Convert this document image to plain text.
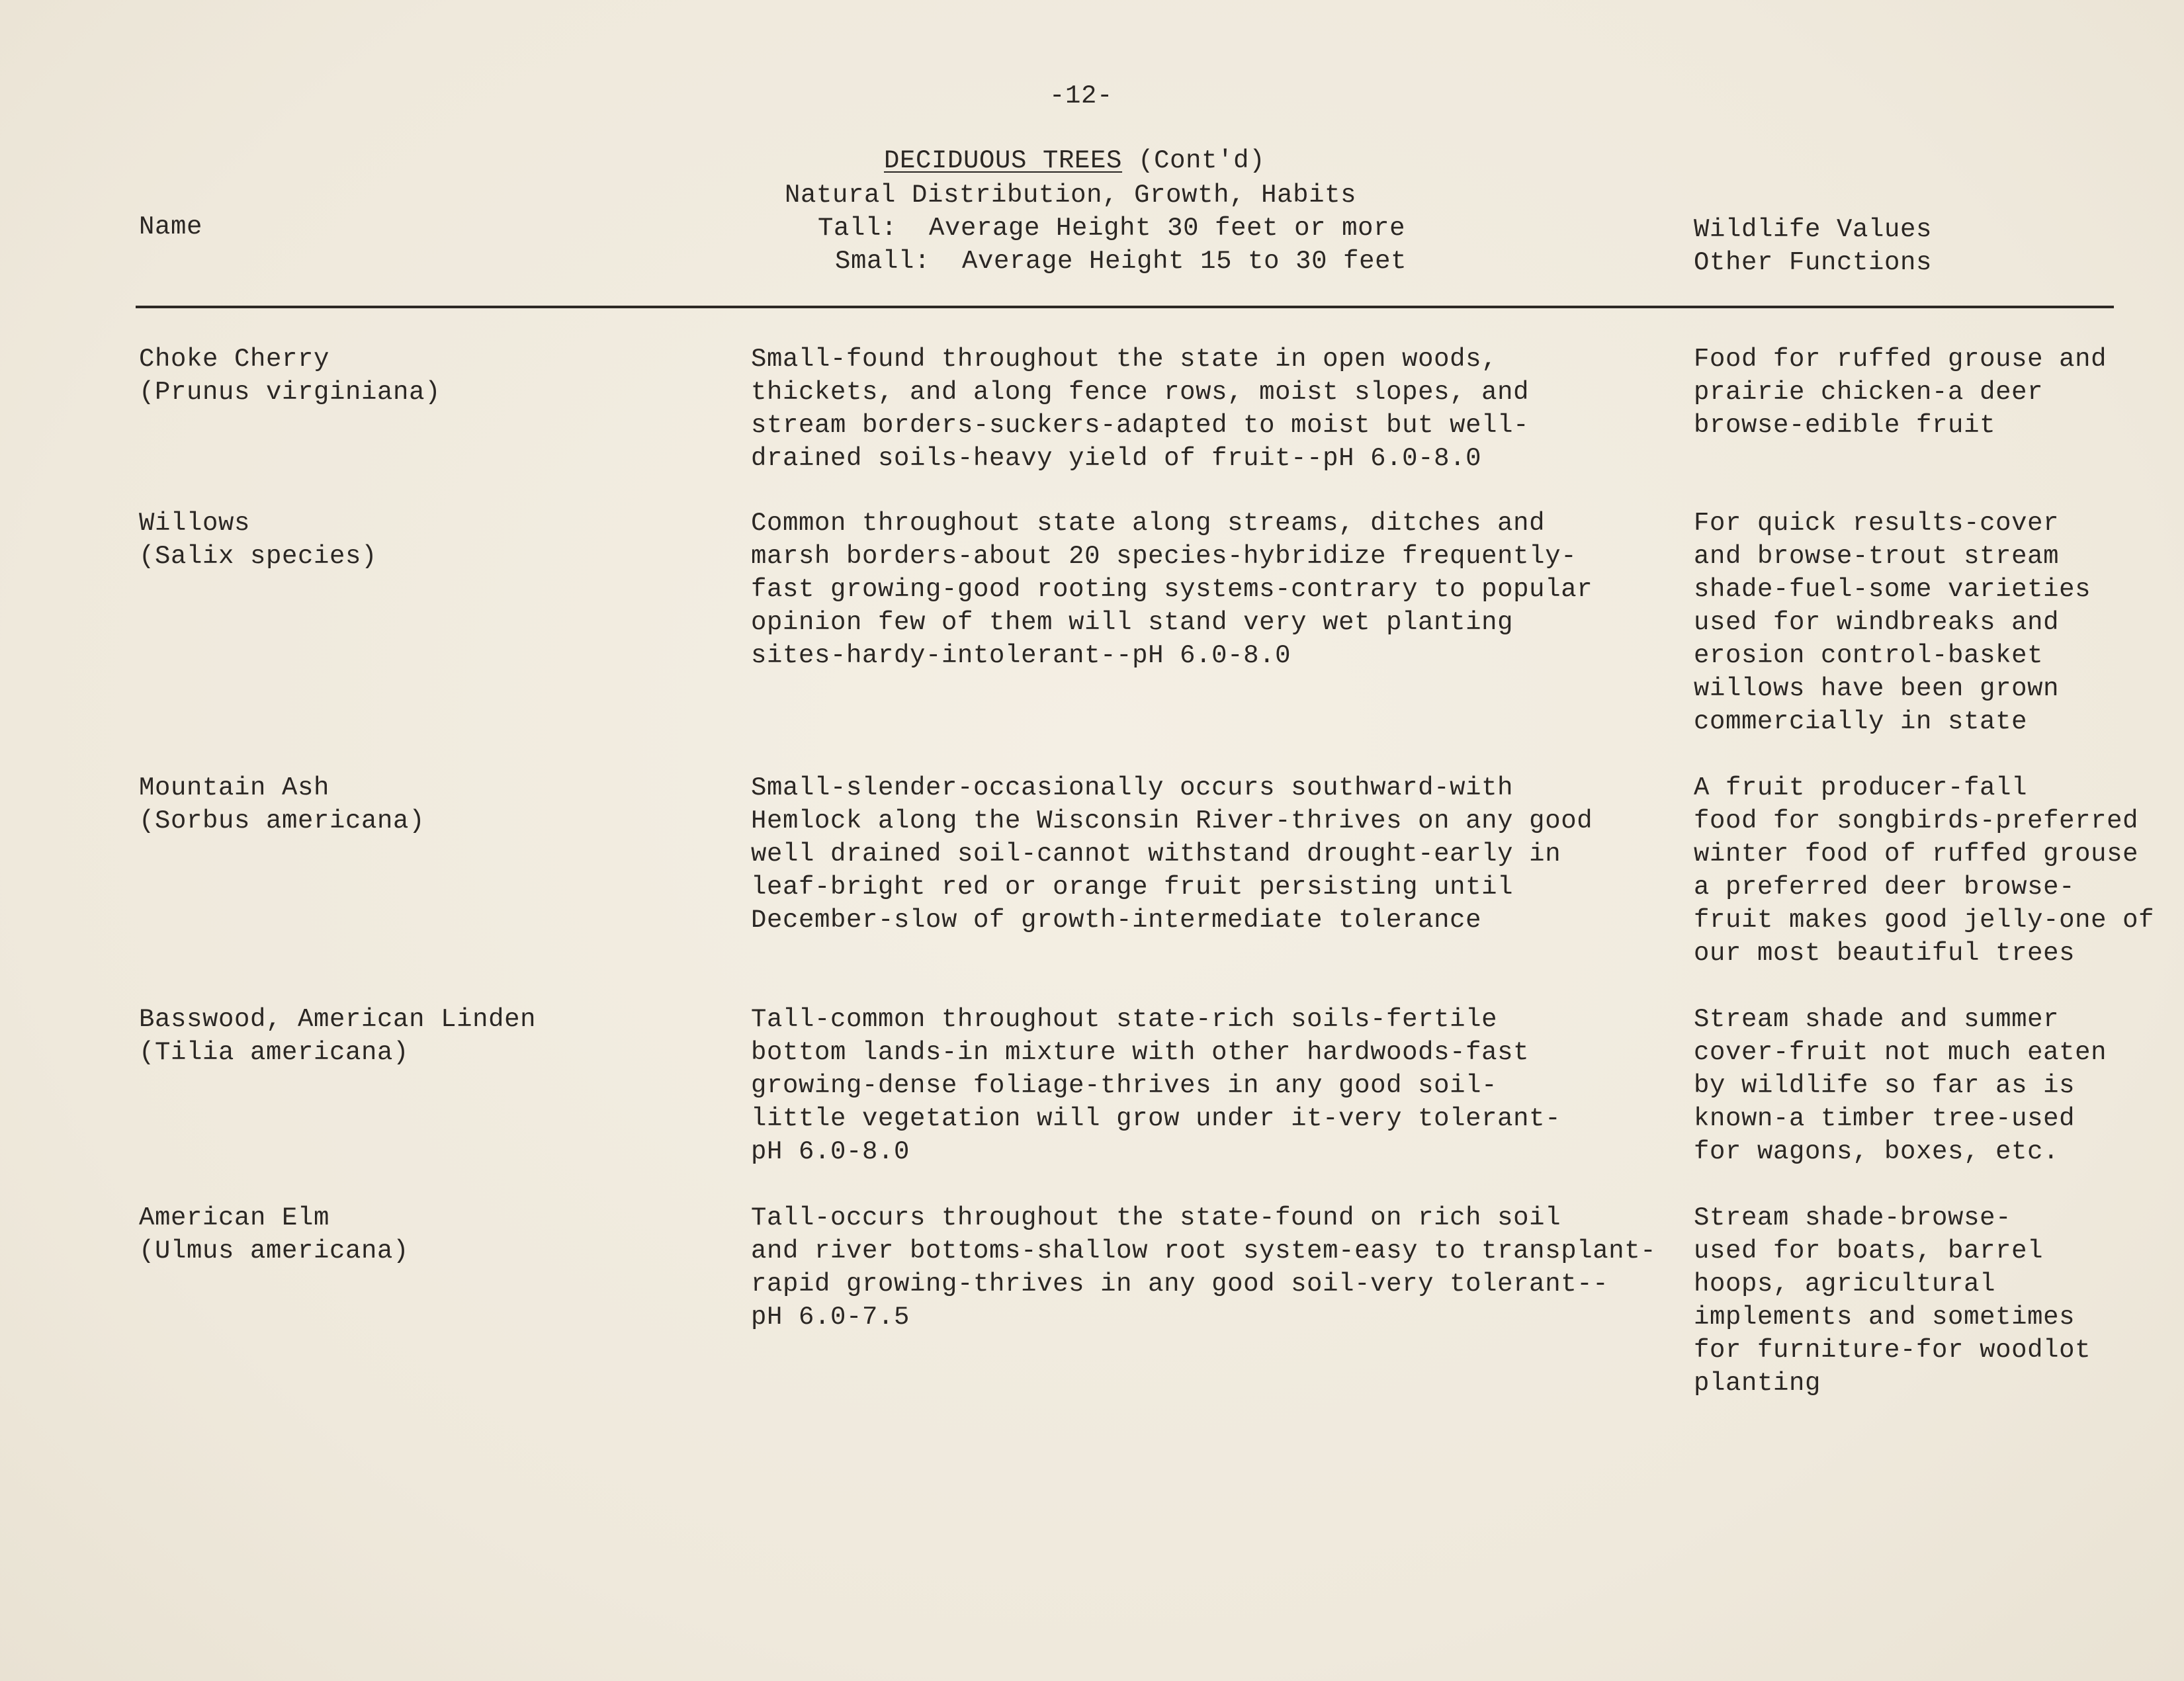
-12-
DECIDUOUS TREES (Cont'd)
Natural Distribution, Growth, Habits
Tall:  Average Height 30 feet or more
Small:  Average Height 15 to 30 feet
Name	Wildlife Values
Other Functions
Choke Cherry
(Prunus virginiana)
Small-found throughout the state in open woods,
thickets, and along fence rows, moist slopes, and
stream borders-suckers-adapted to moist but well-
drained soils-heavy yield of fruit--pH 6.0-8.0
Food for ruffed grouse and
prairie chicken-a deer
browse-edible fruit
Willows
(Salix species)
Common throughout state along streams, ditches and
marsh borders-about 20 species-hybridize frequently-
fast growing-good rooting systems-contrary to popular
opinion few of them will stand very wet planting
sites-hardy-intolerant--pH 6.0-8.0
For quick results-cover
and browse-trout stream
shade-fuel-some varieties
used for windbreaks and
erosion control-basket
willows have been grown
commercially in state
Mountain Ash
(Sorbus americana)
Small-slender-occasionally occurs southward-with
Hemlock along the Wisconsin River-thrives on any good
well drained soil-cannot withstand drought-early in
leaf-bright red or orange fruit persisting until
December-slow of growth-intermediate tolerance
A fruit producer-fall
food for songbirds-preferred
winter food of ruffed grouse
a preferred deer browse-
fruit makes good jelly-one of
our most beautiful trees
Basswood, American Linden
(Tilia americana)
Tall-common throughout state-rich soils-fertile
bottom lands-in mixture with other hardwoods-fast
growing-dense foliage-thrives in any good soil-
little vegetation will grow under it-very tolerant-
pH 6.0-8.0
Stream shade and summer
cover-fruit not much eaten
by wildlife so far as is
known-a timber tree-used
for wagons, boxes, etc.
American Elm
(Ulmus americana)
Tall-occurs throughout the state-found on rich soil
and river bottoms-shallow root system-easy to transplant-
rapid growing-thrives in any good soil-very tolerant--
pH 6.0-7.5
Stream shade-browse-
used for boats, barrel
hoops, agricultural
implements and sometimes
for furniture-for woodlot
planting
